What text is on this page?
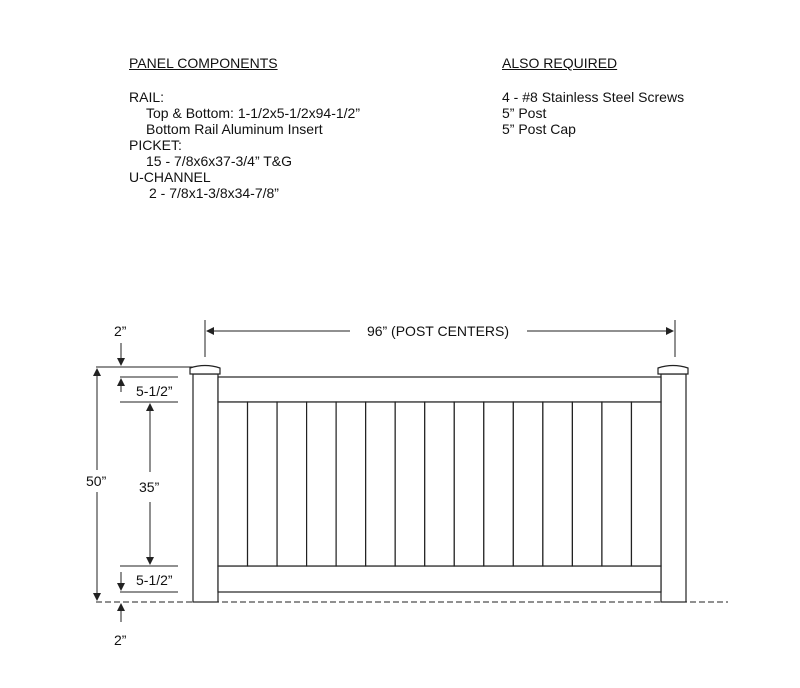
PANEL COMPONENTS
RAIL:
Top & Bottom: 1-1/2x5-1/2x94-1/2”
Bottom Rail Aluminum Insert
PICKET:
15 - 7/8x6x37-3/4” T&G
U-CHANNEL
2 - 7/8x1-3/8x34-7/8”
ALSO REQUIRED
4 - #8 Stainless Steel Screws
5” Post
5” Post Cap
96” (POST CENTERS)
2”
50”
5-1/2”
35”
5-1/2”
2”
